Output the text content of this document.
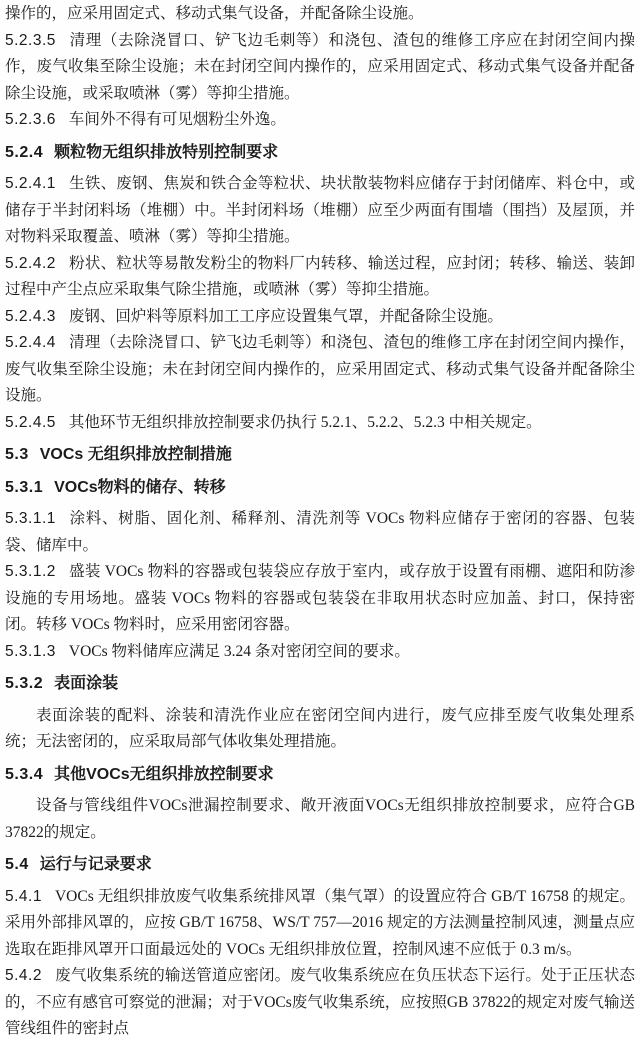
操作的，应采用固定式、移动式集气设备，并配备除尘设施。

5.2.3.5 清理（去除浇冒口、铲飞边毛刺等）和浇包、渣包的维修工序应在封闭空间内操作，废气收集至除尘设施；未在封闭空间内操作的，应采用固定式、移动式集气设备并配备除尘设施，或采取喷淋（雾）等抑尘措施。

5.2.3.6 车间外不得有可见烟粉尘外逸。

5.2.4 颗粒物无组织排放特别控制要求

5.2.4.1 生铁、废钢、焦炭和铁合金等粒状、块状散装物料应储存于封闭储库、料仓中，或储存于半封闭料场（堆棚）中。半封闭料场（堆棚）应至少两面有围墙（围挡）及屋顶，并对物料采取覆盖、喷淋（雾）等抑尘措施。

5.2.4.2 粉状、粒状等易散发粉尘的物料厂内转移、输送过程，应封闭；转移、输送、装卸过程中产尘点应采取集气除尘措施，或喷淋（雾）等抑尘措施。

5.2.4.3 废钢、回炉料等原料加工工序应设置集气罩，并配备除尘设施。

5.2.4.4 清理（去除浇冒口、铲飞边毛刺等）和浇包、渣包的维修工序在封闭空间内操作，废气收集至除尘设施；未在封闭空间内操作的，应采用固定式、移动式集气设备并配备除尘设施。

5.2.4.5 其他环节无组织排放控制要求仍执行 5.2.1、5.2.2、5.2.3 中相关规定。

5.3 VOCs 无组织排放控制措施

5.3.1 VOCs物料的储存、转移

5.3.1.1 涂料、树脂、固化剂、稀释剂、清洗剂等 VOCs 物料应储存于密闭的容器、包装袋、储库中。

5.3.1.2 盛装 VOCs 物料的容器或包装袋应存放于室内，或存放于设置有雨棚、遮阳和防渗设施的专用场地。盛装 VOCs 物料的容器或包装袋在非取用状态时应加盖、封口，保持密闭。转移 VOCs 物料时，应采用密闭容器。

5.3.1.3 VOCs 物料储库应满足 3.24 条对密闭空间的要求。

5.3.2 表面涂装

表面涂装的配料、涂装和清洗作业应在密闭空间内进行，废气应排至废气收集处理系统；无法密闭的，应采取局部气体收集处理措施。

5.3.4 其他VOCs无组织排放控制要求

设备与管线组件VOCs泄漏控制要求、敞开液面VOCs无组织排放控制要求，应符合GB 37822的规定。

5.4 运行与记录要求

5.4.1 VOCs 无组织排放废气收集系统排风罩（集气罩）的设置应符合 GB/T 16758 的规定。采用外部排风罩的，应按 GB/T 16758、WS/T 757—2016 规定的方法测量控制风速，测量点应选取在距排风罩开口面最远处的 VOCs 无组织排放位置，控制风速不应低于 0.3 m/s。

5.4.2 废气收集系统的输送管道应密闭。废气收集系统应在负压状态下运行。处于正压状态的，不应有感官可察觉的泄漏；对于VOCs废气收集系统，应按照GB 37822的规定对废气输送管线组件的密封点
